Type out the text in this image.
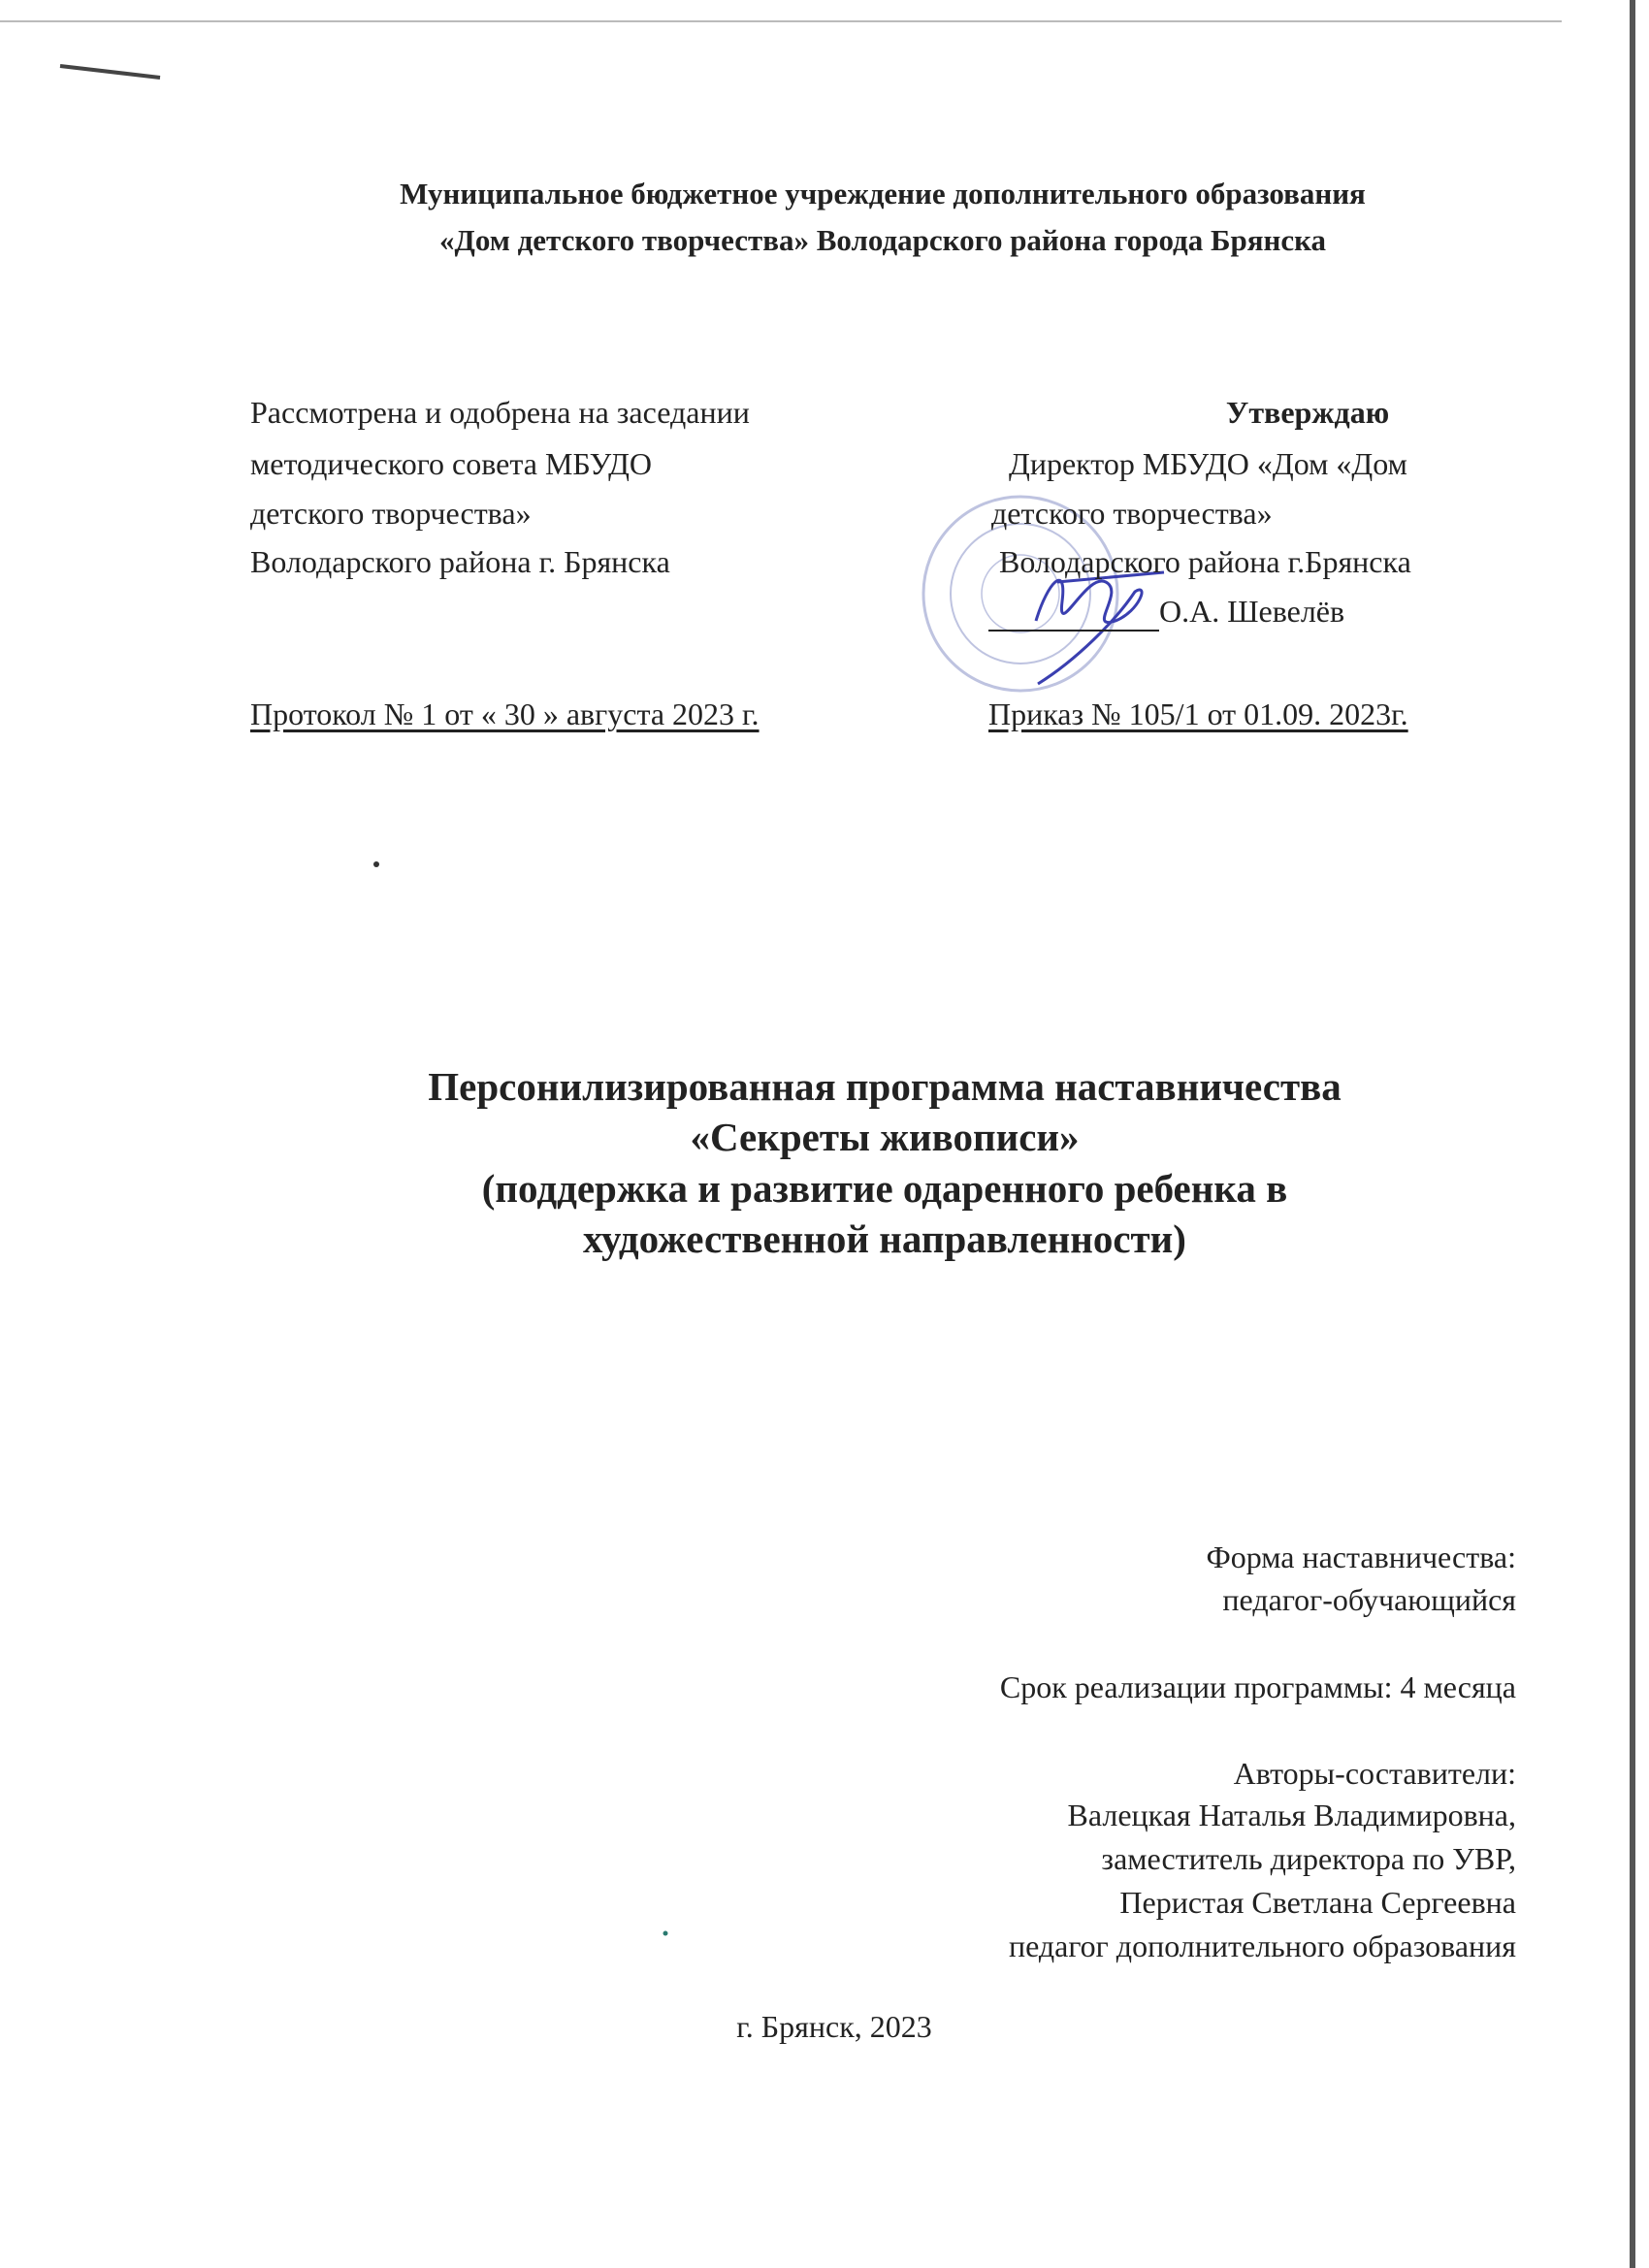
Муниципальное бюджетное учреждение дополнительного образования
«Дом детского творчества» Володарского района города Брянска
Рассмотрена и одобрена на заседании
методического совета МБУДО
детского творчества»
Володарского района г. Брянска
Протокол № 1 от « 30 » августа 2023 г.
Утверждаю
Директор МБУДО «Дом «Дом
детского творчества»
Володарского района г.Брянска
О.А. Шевелёв
Приказ № 105/1 от 01.09. 2023г.
Персонилизированная программа наставничества
«Секреты живописи»
(поддержка и развитие одаренного ребенка в
художественной направленности)
Форма наставничества:
педагог-обучающийся
Срок реализации программы: 4 месяца
Авторы-составители:
Валецкая Наталья Владимировна,
заместитель директора по УВР,
Перистая Светлана Сергеевна
педагог дополнительного образования
г. Брянск, 2023
